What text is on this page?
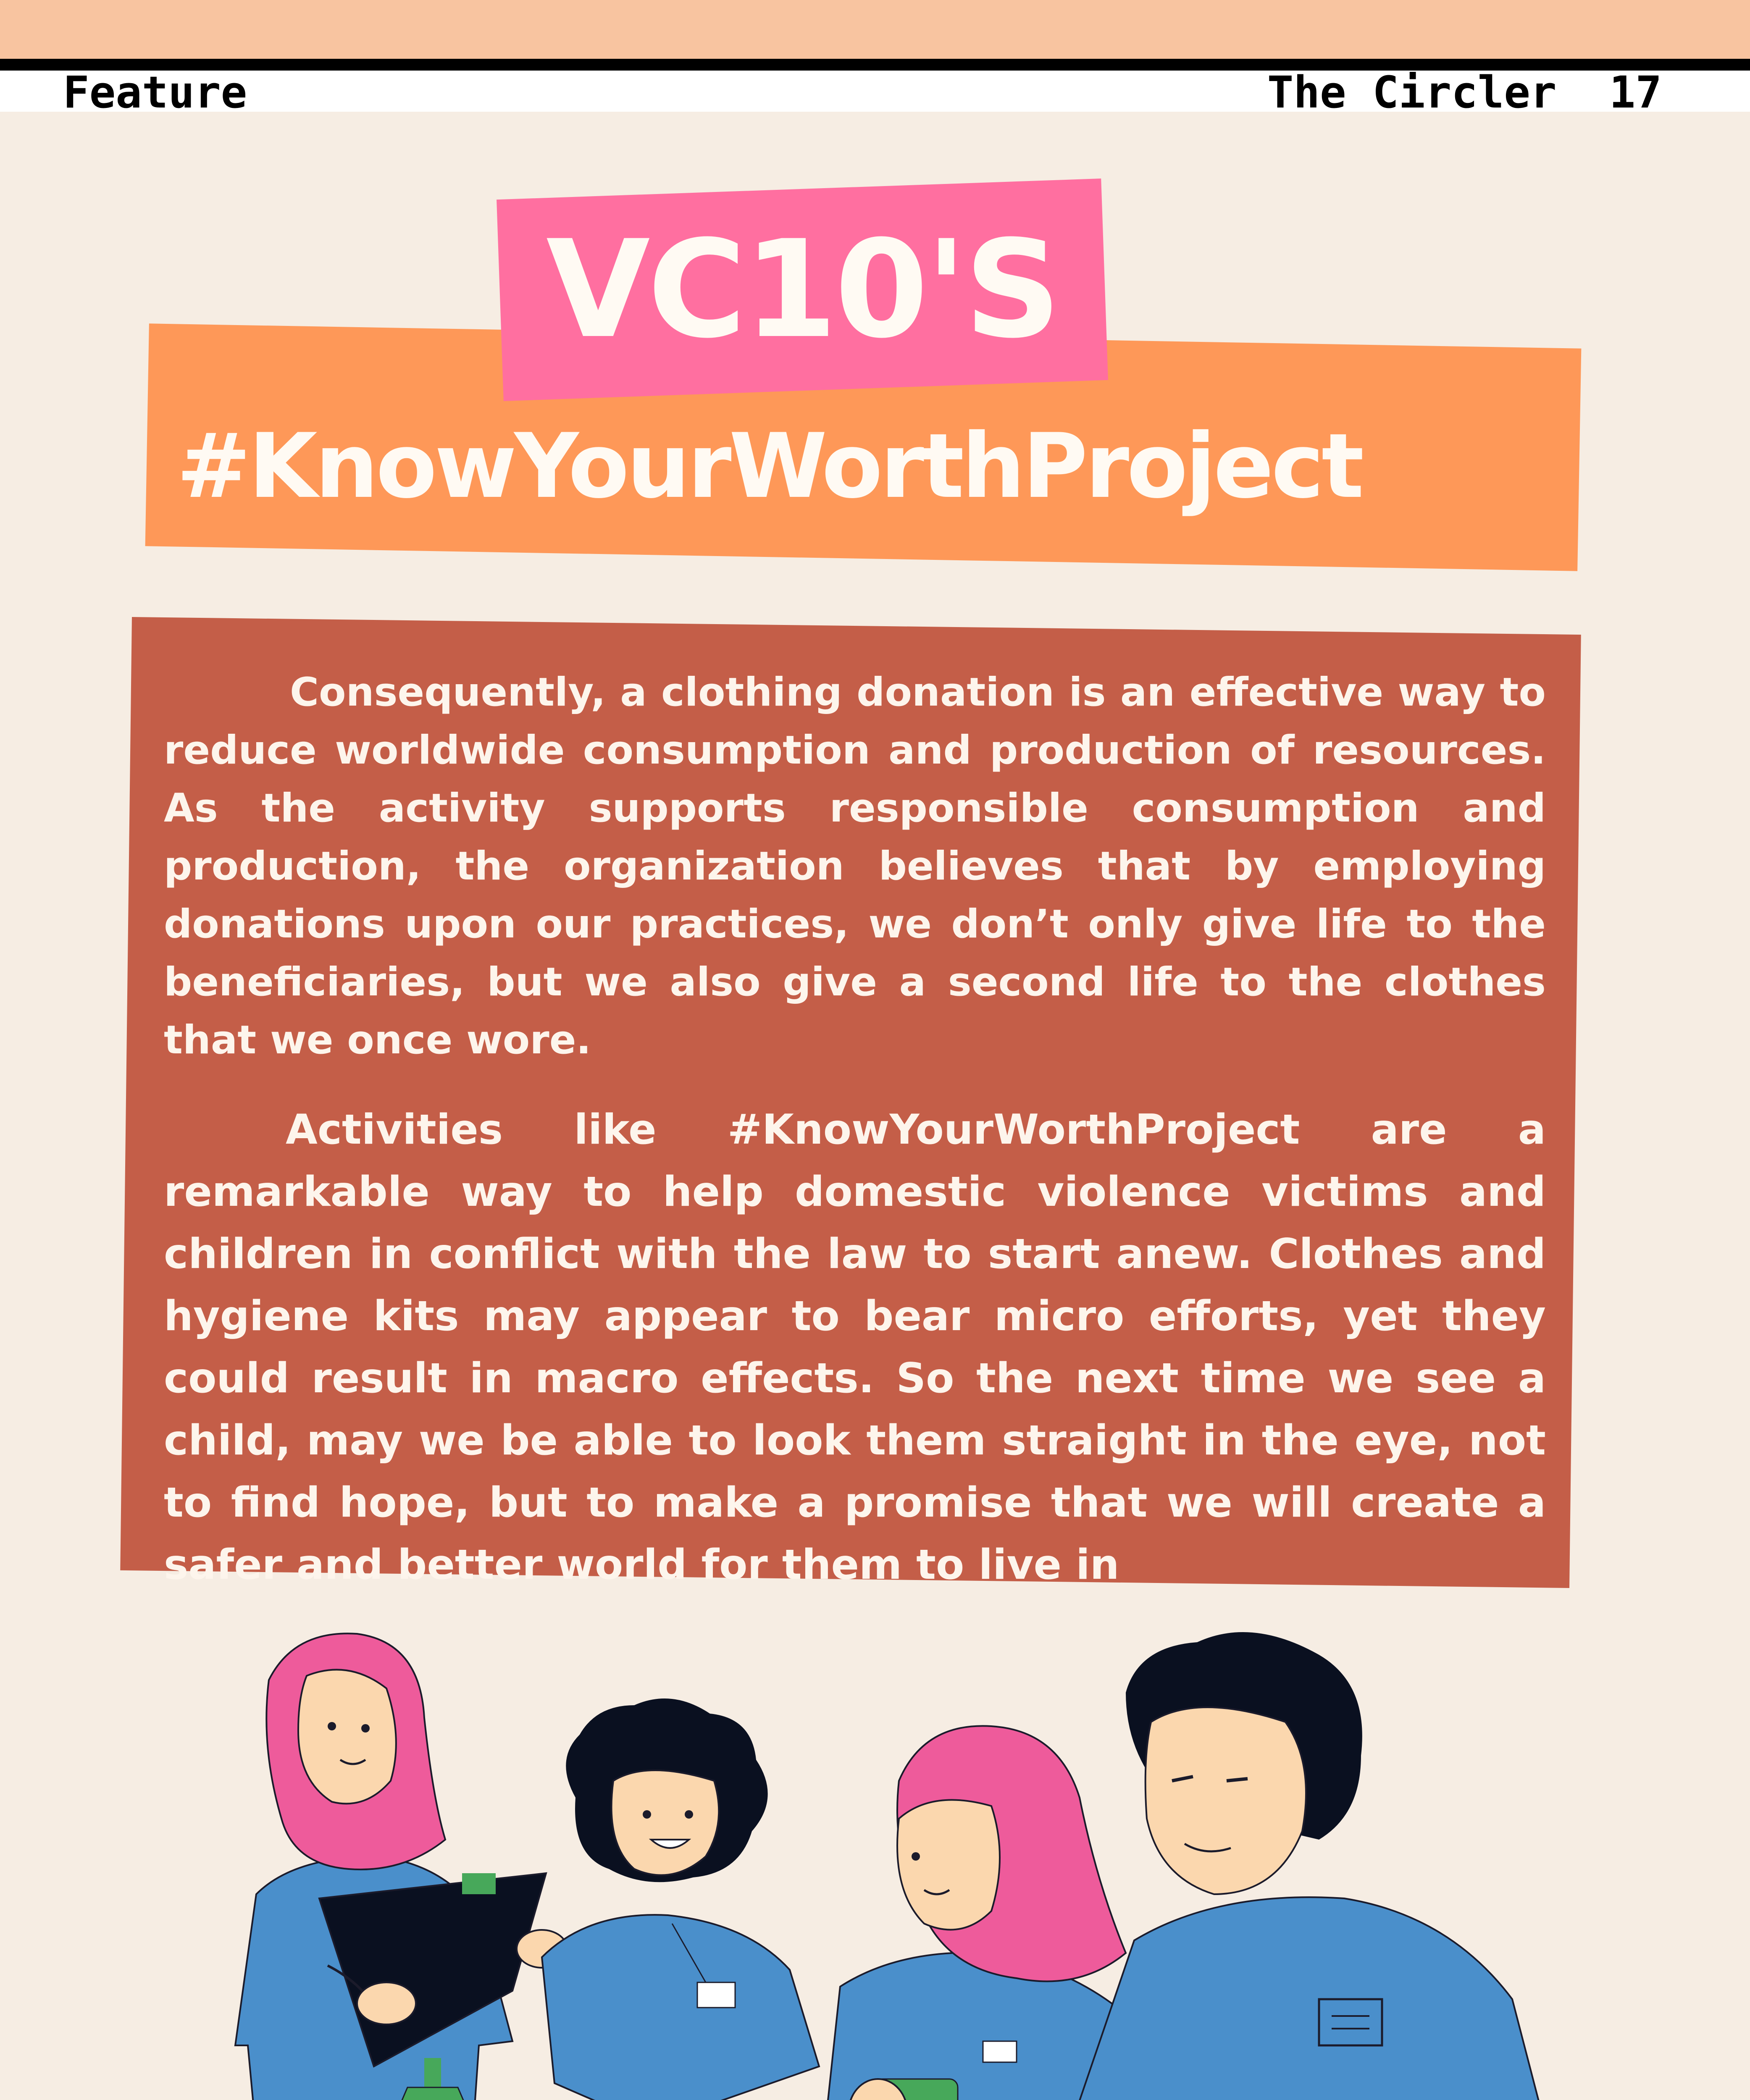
Feature	The Circler 17
VC10'S
#KnowYourWorthProject

Consequently, a clothing donation is an effective way to reduce worldwide consumption and production of resources. As the activity supports responsible consumption and production, the organization believes that by employing donations upon our practices, we don’t only give life to the beneficiaries, but we also give a second life to the clothes that we once wore.

Activities like #KnowYourWorthProject are a remarkable way to help domestic violence victims and children in conflict with the law to start anew. Clothes and hygiene kits may appear to bear micro efforts, yet they could result in macro effects. So the next time we see a child, may we be able to look them straight in the eye, not to find hope, but to make a promise that we will create a safer and better world for them to live in
